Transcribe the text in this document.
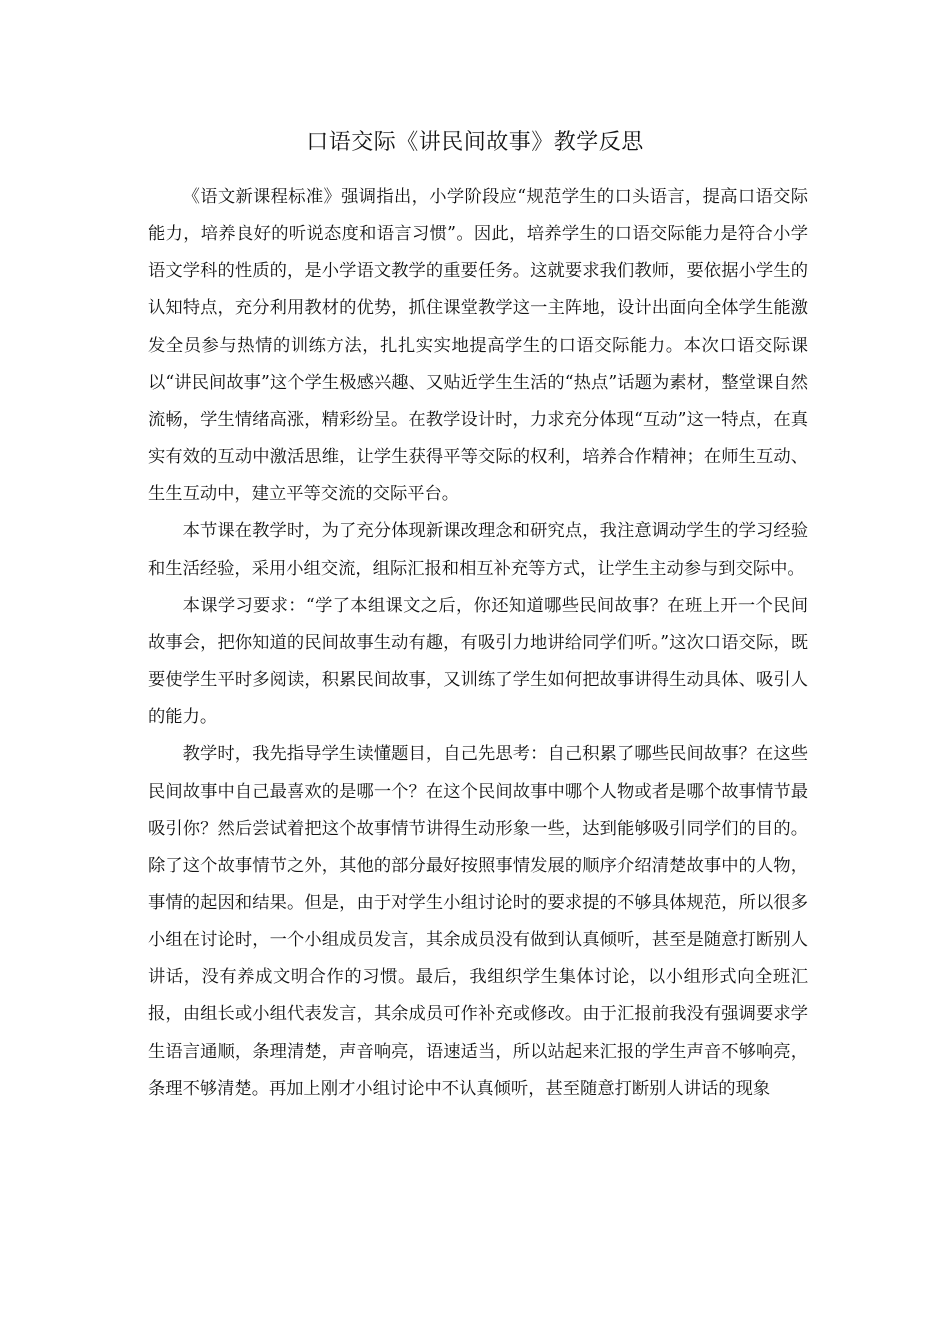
口语交际《讲民间故事》教学反思

《语文新课程标准》强调指出，小学阶段应“规范学生的口头语言，提高口语交际能力，培养良好的听说态度和语言习惯”。因此，培养学生的口语交际能力是符合小学语文学科的性质的，是小学语文教学的重要任务。这就要求我们教师，要依据小学生的认知特点，充分利用教材的优势，抓住课堂教学这一主阵地，设计出面向全体学生能激发全员参与热情的训练方法，扎扎实实地提高学生的口语交际能力。本次口语交际课以“讲民间故事”这个学生极感兴趣、又贴近学生生活的“热点”话题为素材，整堂课自然流畅，学生情绪高涨，精彩纷呈。在教学设计时，力求充分体现“互动”这一特点，在真实有效的互动中激活思维，让学生获得平等交际的权利，培养合作精神；在师生互动、生生互动中，建立平等交流的交际平台。

本节课在教学时，为了充分体现新课改理念和研究点，我注意调动学生的学习经验和生活经验，采用小组交流，组际汇报和相互补充等方式，让学生主动参与到交际中。

本课学习要求：“学了本组课文之后，你还知道哪些民间故事？在班上开一个民间故事会，把你知道的民间故事生动有趣，有吸引力地讲给同学们听。”这次口语交际，既要使学生平时多阅读，积累民间故事，又训练了学生如何把故事讲得生动具体、吸引人的能力。

教学时，我先指导学生读懂题目，自己先思考：自己积累了哪些民间故事？在这些民间故事中自己最喜欢的是哪一个？在这个民间故事中哪个人物或者是哪个故事情节最吸引你？然后尝试着把这个故事情节讲得生动形象一些，达到能够吸引同学们的目的。除了这个故事情节之外，其他的部分最好按照事情发展的顺序介绍清楚故事中的人物，事情的起因和结果。但是，由于对学生小组讨论时的要求提的不够具体规范，所以很多小组在讨论时，一个小组成员发言，其余成员没有做到认真倾听，甚至是随意打断别人讲话，没有养成文明合作的习惯。最后，我组织学生集体讨论，以小组形式向全班汇报，由组长或小组代表发言，其余成员可作补充或修改。由于汇报前我没有强调要求学生语言通顺，条理清楚，声音响亮，语速适当，所以站起来汇报的学生声音不够响亮，条理不够清楚。再加上刚才小组讨论中不认真倾听，甚至随意打断别人讲话的现象
